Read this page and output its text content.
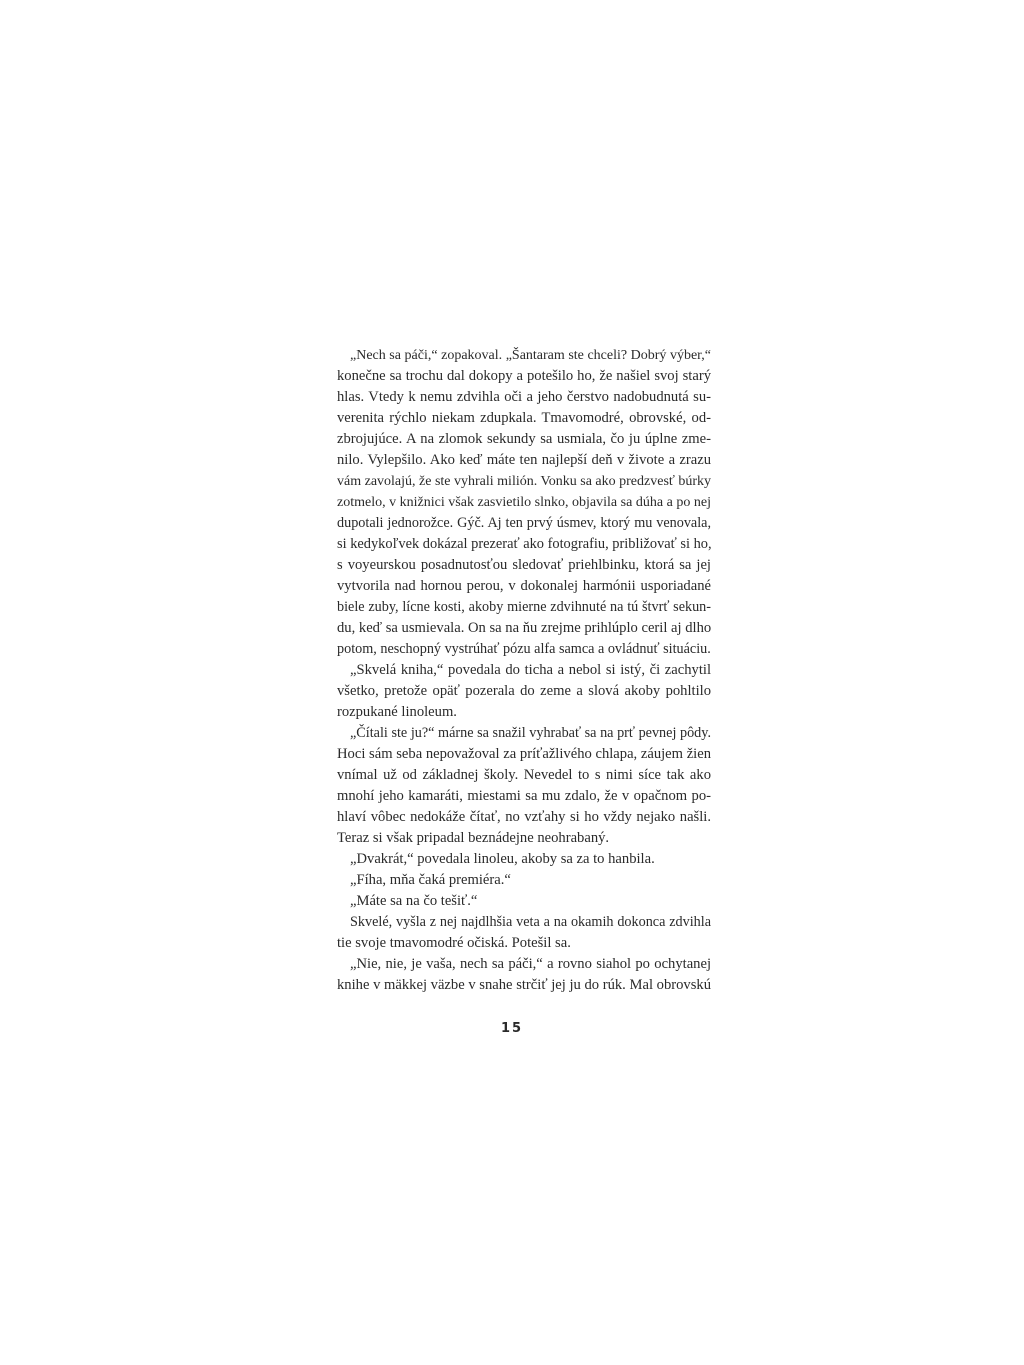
„Nech sa páči,“ zopakoval. „Šantaram ste chceli? Dobrý výber,“
konečne sa trochu dal dokopy a potešilo ho, že našiel svoj starý
hlas. Vtedy k nemu zdvihla oči a jeho čerstvo nadobudnutá su-
verenita rýchlo niekam zdupkala. Tmavomodré, obrovské, od-
zbrojujúce. A na zlomok sekundy sa usmiala, čo ju úplne zme-
nilo. Vylepšilo. Ako keď máte ten najlepší deň v živote a zrazu
vám zavolajú, že ste vyhrali milión. Vonku sa ako predzvesť búrky
zotmelo, v knižnici však zasvietilo slnko, objavila sa dúha a po nej
dupotali jednorožce. Gýč. Aj ten prvý úsmev, ktorý mu venovala,
si kedykoľvek dokázal prezerať ako fotografiu, približovať si ho,
s voyeurskou posadnutosťou sledovať priehlbinku, ktorá sa jej
vytvorila nad hornou perou, v dokonalej harmónii usporiadané
biele zuby, lícne kosti, akoby mierne zdvihnuté na tú štvrť sekun-
du, keď sa usmievala. On sa na ňu zrejme prihlúplo ceril aj dlho
potom, neschopný vystrúhať pózu alfa samca a ovládnuť situáciu.
„Skvelá kniha,“ povedala do ticha a nebol si istý, či zachytil
všetko, pretože opäť pozerala do zeme a slová akoby pohltilo
rozpukané linoleum.
„Čítali ste ju?“ márne sa snažil vyhrabať sa na prť pevnej pôdy.
Hoci sám seba nepovažoval za príťažlivého chlapa, záujem žien
vnímal už od základnej školy. Nevedel to s nimi síce tak ako
mnohí jeho kamaráti, miestami sa mu zdalo, že v opačnom po-
hlaví vôbec nedokáže čítať, no vzťahy si ho vždy nejako našli.
Teraz si však pripadal beznádejne neohrabaný.
„Dvakrát,“ povedala linoleu, akoby sa za to hanbila.
„Fíha, mňa čaká premiéra.“
„Máte sa na čo tešiť.“
Skvelé, vyšla z nej najdlhšia veta a na okamih dokonca zdvihla
tie svoje tmavomodré očiská. Potešil sa.
„Nie, nie, je vaša, nech sa páči,“ a rovno siahol po ochytanej
knihe v mäkkej väzbe v snahe strčiť jej ju do rúk. Mal obrovskú
15
